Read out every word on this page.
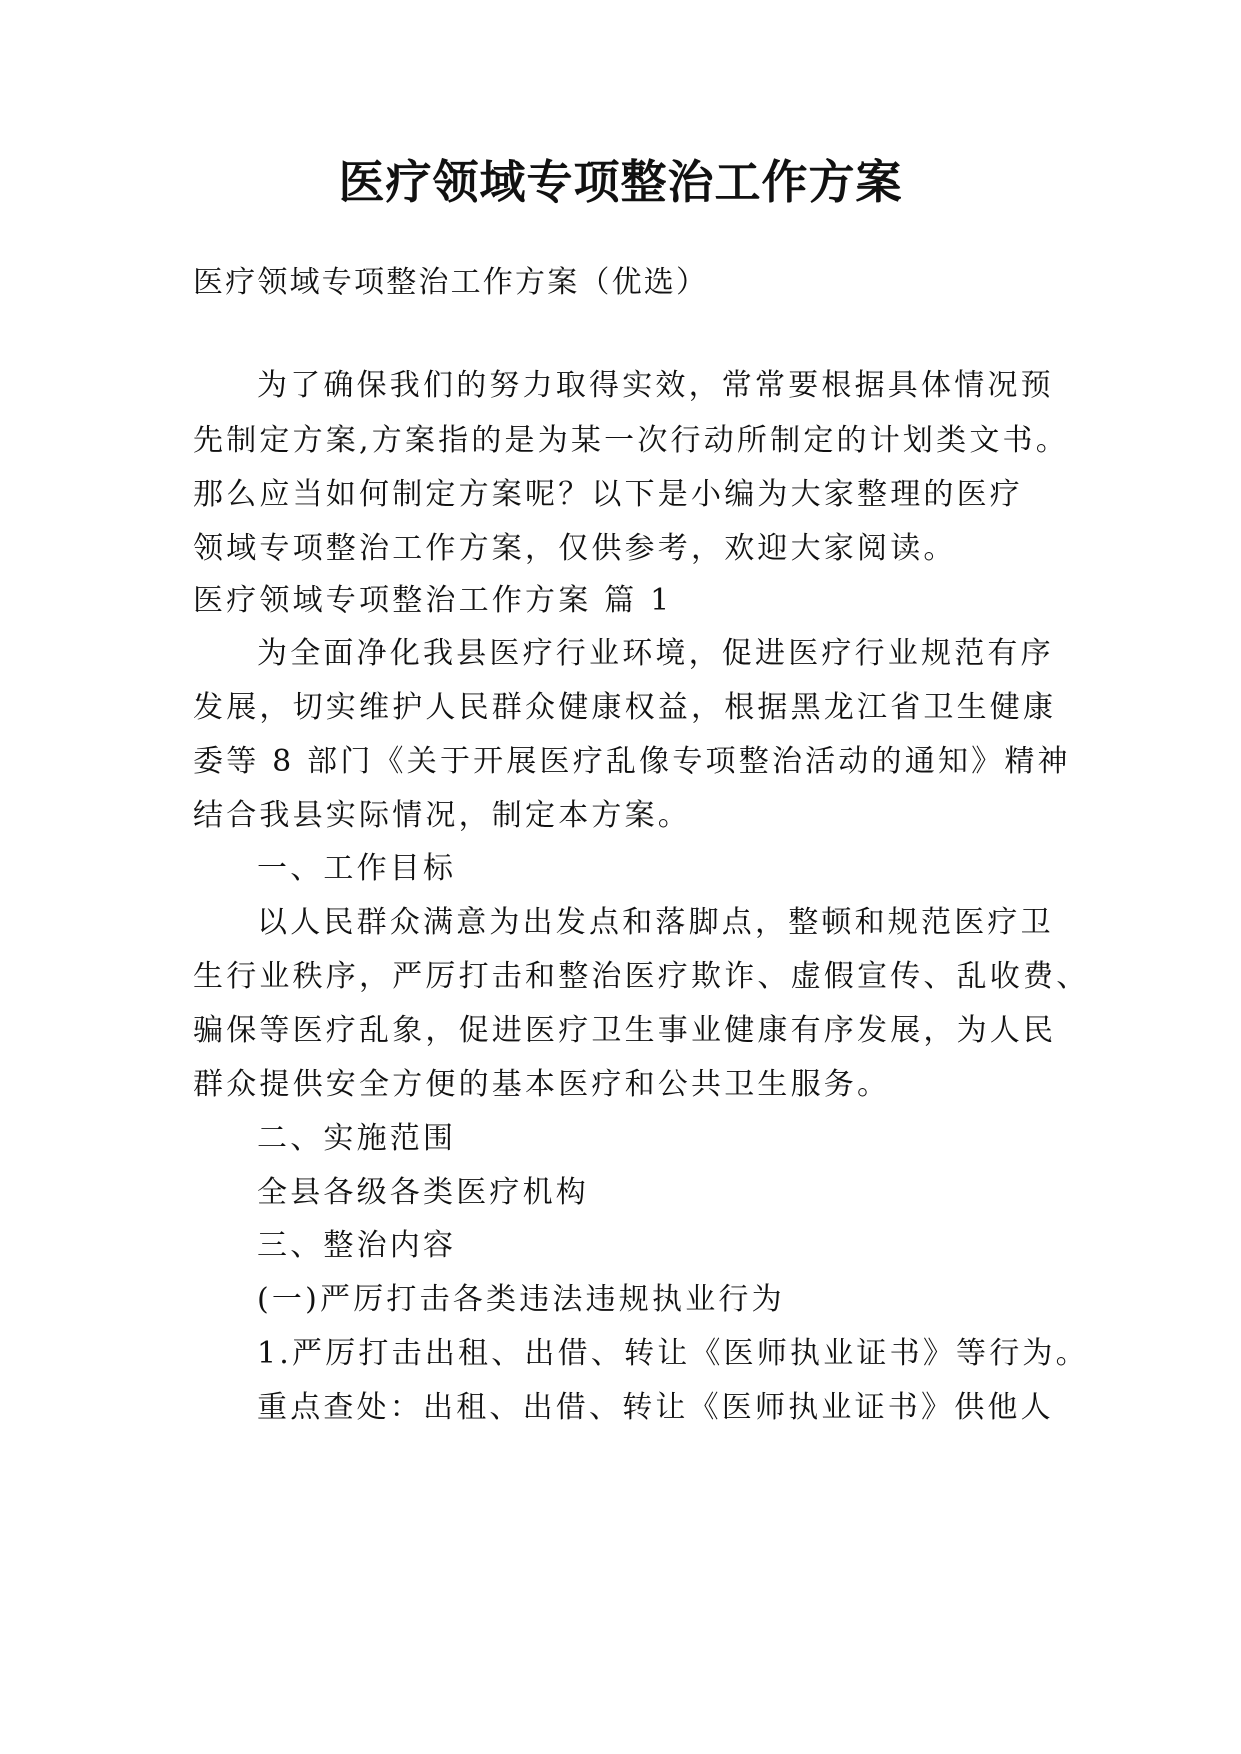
医疗领域专项整治工作方案
医疗领域专项整治工作方案（优选）
为了确保我们的努力取得实效，常常要根据具体情况预
先制定方案,方案指的是为某一次行动所制定的计划类文书。
那么应当如何制定方案呢？以下是小编为大家整理的医疗
领域专项整治工作方案，仅供参考，欢迎大家阅读。
医疗领域专项整治工作方案 篇 1
为全面净化我县医疗行业环境，促进医疗行业规范有序
发展，切实维护人民群众健康权益，根据黑龙江省卫生健康
委等 8 部门《关于开展医疗乱像专项整治活动的通知》精神
结合我县实际情况，制定本方案。
一、工作目标
以人民群众满意为出发点和落脚点，整顿和规范医疗卫
生行业秩序，严厉打击和整治医疗欺诈、虚假宣传、乱收费、
骗保等医疗乱象，促进医疗卫生事业健康有序发展，为人民
群众提供安全方便的基本医疗和公共卫生服务。
二、实施范围
全县各级各类医疗机构
三、整治内容
(一)严厉打击各类违法违规执业行为
1.严厉打击出租、出借、转让《医师执业证书》等行为。
重点查处：出租、出借、转让《医师执业证书》供他人
